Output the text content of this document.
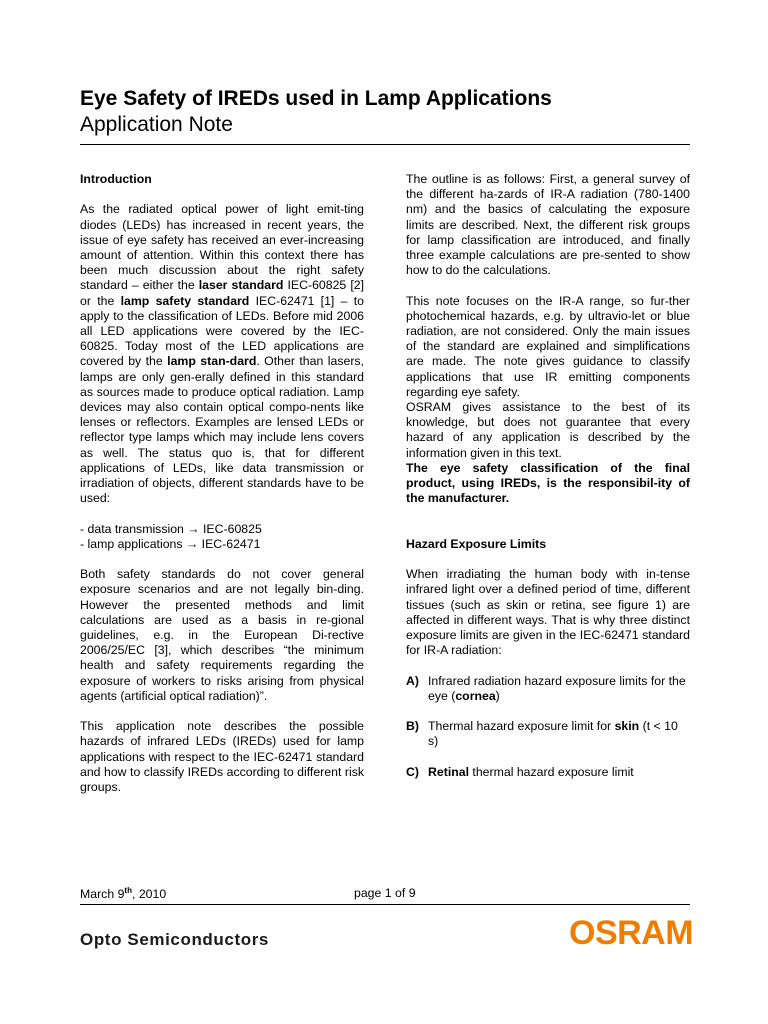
Eye Safety of IREDs used in Lamp Applications
Application Note
Introduction

As the radiated optical power of light emit-ting diodes (LEDs) has increased in recent years, the issue of eye safety has received an ever-increasing amount of attention. Within this context there has been much discussion about the right safety standard – either the laser standard IEC-60825 [2] or the lamp safety standard IEC-62471 [1] – to apply to the classification of LEDs. Before mid 2006 all LED applications were covered by the IEC-60825. Today most of the LED applications are covered by the lamp stan-dard. Other than lasers, lamps are only gen-erally defined in this standard as sources made to produce optical radiation. Lamp devices may also contain optical compo-nents like lenses or reflectors. Examples are lensed LEDs or reflector type lamps which may include lens covers as well. The status quo is, that for different applications of LEDs, like data transmission or irradiation of objects, different standards have to be used:

- data transmission → IEC-60825

- lamp applications → IEC-62471

Both safety standards do not cover general exposure scenarios and are not legally bin-ding. However the presented methods and limit calculations are used as a basis in re-gional guidelines, e.g. in the European Di-rective 2006/25/EC [3], which describes “the minimum health and safety requirements regarding the exposure of workers to risks arising from physical agents (artificial optical radiation)”.

This application note describes the possible hazards of infrared LEDs (IREDs) used for lamp applications with respect to the IEC-62471 standard and how to classify IREDs according to different risk groups.

The outline is as follows: First, a general survey of the different ha-zards of IR-A radiation (780-1400 nm) and the basics of calculating the exposure limits are described. Next, the different risk groups for lamp classification are introduced, and finally three example calculations are pre-sented to show how to do the calculations.

This note focuses on the IR-A range, so fur-ther photochemical hazards, e.g. by ultravio-let or blue radiation, are not considered. Only the main issues of the standard are explained and simplifications are made. The note gives guidance to classify applications that use IR emitting components regarding eye safety.

OSRAM gives assistance to the best of its knowledge, but does not guarantee that every hazard of any application is described by the information given in this text.

The eye safety classification of the final product, using IREDs, is the responsibil-ity of the manufacturer.

Hazard Exposure Limits

When irradiating the human body with in-tense infrared light over a defined period of time, different tissues (such as skin or retina, see figure 1) are affected in different ways. That is why three distinct exposure limits are given in the IEC-62471 standard for IR-A radiation:

A) Infrared radiation hazard exposure limits for the eye (cornea)
B) Thermal hazard exposure limit for skin (t < 10 s)
C) Retinal thermal hazard exposure limit
March 9th, 2010	page 1 of 9
Opto Semiconductors	OSRAM
